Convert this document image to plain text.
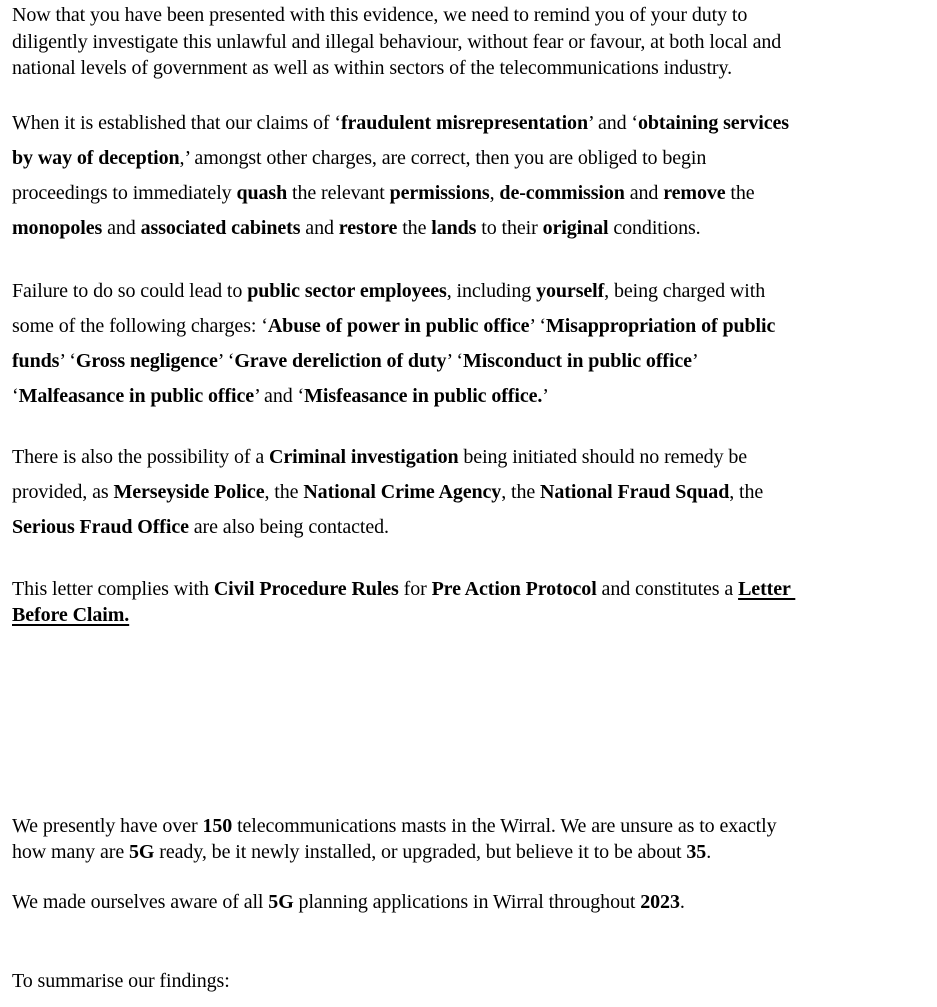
Now that you have been presented with this evidence, we need to remind you of your duty to
diligently investigate this unlawful and illegal behaviour, without fear or favour, at both local and
national levels of government as well as within sectors of the telecommunications industry.
When it is established that our claims of ‘fraudulent misrepresentation’ and ‘obtaining services
by way of deception,’ amongst other charges, are correct, then you are obliged to begin
proceedings to immediately quash the relevant permissions, de-commission and remove the
monopoles and associated cabinets and restore the lands to their original conditions.
Failure to do so could lead to public sector employees, including yourself, being charged with
some of the following charges: ‘Abuse of power in public office’ ‘Misappropriation of public
funds’ ‘Gross negligence’ ‘Grave dereliction of duty’ ‘Misconduct in public office’
‘Malfeasance in public office’ and ‘Misfeasance in public office.’
There is also the possibility of a Criminal investigation being initiated should no remedy be
provided, as Merseyside Police, the National Crime Agency, the National Fraud Squad, the
Serious Fraud Office are also being contacted.
This letter complies with Civil Procedure Rules for Pre Action Protocol and constitutes a Letter
Before Claim.
We presently have over 150 telecommunications masts in the Wirral. We are unsure as to exactly
how many are 5G ready, be it newly installed, or upgraded, but believe it to be about 35.
We made ourselves aware of all 5G planning applications in Wirral throughout 2023.
To summarise our findings:
